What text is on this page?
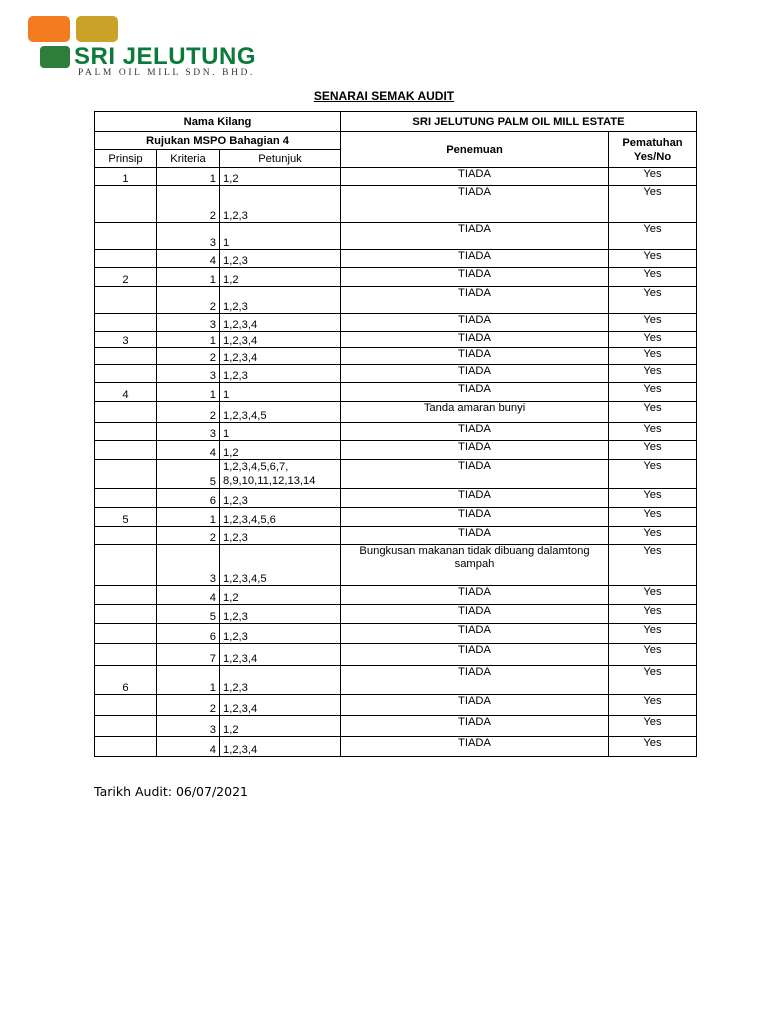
SRI JELUTUNG
PALM OIL MILL SDN. BHD.
SENARAI SEMAK AUDIT
Nama Kilang			SRI JELUTUNG PALM OIL MILL ESTATE	
Rujukan MSPO Bahagian 4			Penemuan	Pematuhan Yes/No
Prinsip	Kriteria	Petunjuk		
1	1	1,2	TIADA	Yes
	2	1,2,3	TIADA	Yes
	3	1	TIADA	Yes
	4	1,2,3	TIADA	Yes
2	1	1,2	TIADA	Yes
	2	1,2,3	TIADA	Yes
	3	1,2,3,4	TIADA	Yes
3	1	1,2,3,4	TIADA	Yes
	2	1,2,3,4	TIADA	Yes
	3	1,2,3	TIADA	Yes
4	1	1	TIADA	Yes
	2	1,2,3,4,5	Tanda amaran bunyi	Yes
	3	1	TIADA	Yes
	4	1,2	TIADA	Yes
	5	1,2,3,4,5,6,7,
8,9,10,11,12,13,14	TIADA	Yes
	6	1,2,3	TIADA	Yes
5	1	1,2,3,4,5,6	TIADA	Yes
	2	1,2,3	TIADA	Yes
	3	1,2,3,4,5	Bungkusan makanan tidak dibuang dalamtong sampah	Yes
	4	1,2	TIADA	Yes
	5	1,2,3	TIADA	Yes
	6	1,2,3	TIADA	Yes
	7	1,2,3,4	TIADA	Yes
6	1	1,2,3	TIADA	Yes
	2	1,2,3,4	TIADA	Yes
	3	1,2	TIADA	Yes
	4	1,2,3,4	TIADA	Yes
Tarikh Audit: 06/07/2021
